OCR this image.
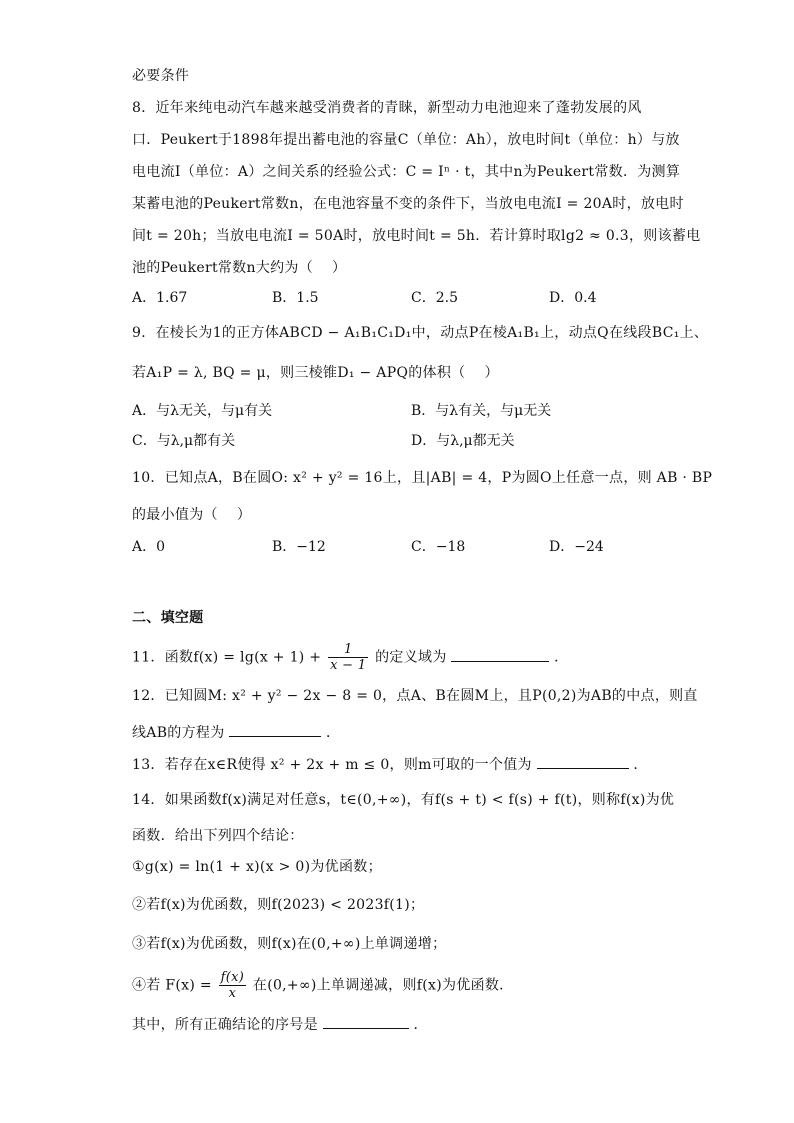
必要条件
8．近年来纯电动汽车越来越受消费者的青睐，新型动力电池迎来了蓬勃发展的风
口．Peukert于1898年提出蓄电池的容量C（单位：Ah），放电时间t（单位：h）与放
电电流I（单位：A）之间关系的经验公式：C = Iⁿ · t，其中n为Peukert常数．为测算
某蓄电池的Peukert常数n，在电池容量不变的条件下，当放电电流I = 20A时，放电时
间t = 20h；当放电电流I = 50A时，放电时间t = 5h．若计算时取lg2 ≈ 0.3，则该蓄电
池的Peukert常数n大约为（　 ）
A．1.67	B．1.5	C．2.5	D．0.4
9．在棱长为1的正方体ABCD − A₁B₁C₁D₁中，动点P在棱A₁B₁上，动点Q在线段BC₁上、
若A₁P = λ, BQ = μ，则三棱锥D₁ − APQ的体积（　 ）
A．与λ无关，与μ有关	B．与λ有关，与μ无关
C．与λ,μ都有关	D．与λ,μ都无关
10．已知点A，B在圆O: x² + y² = 16上，且|AB| = 4，P为圆O上任意一点，则 AB · BP
的最小值为（　 ）
A．0	B．−12	C．−18	D．−24
二、填空题
11．函数$f(x) = \lg(x + 1) + \frac{1}{x - 1}$ 的定义域为	．
12．已知圆M: x² + y² − 2x − 8 = 0，点A、B在圆M上，且P(0,2)为AB的中点，则直
线AB的方程为	．
13．若存在x∈R使得 x² + 2x + m ≤ 0，则m可取的一个值为	．
14．如果函数f(x)满足对任意s，t∈(0,+∞)，有f(s + t) < f(s) + f(t)，则称f(x)为优
函数．给出下列四个结论：
①g(x) = ln(1 + x)(x > 0)为优函数；
②若f(x)为优函数，则f(2023) < 2023f(1)；
③若f(x)为优函数，则f(x)在(0,+∞)上单调递增；
④若 $F(x) = \frac{f(x)}{x}$ 在(0,+∞)上单调递减，则f(x)为优函数．
其中，所有正确结论的序号是	．
